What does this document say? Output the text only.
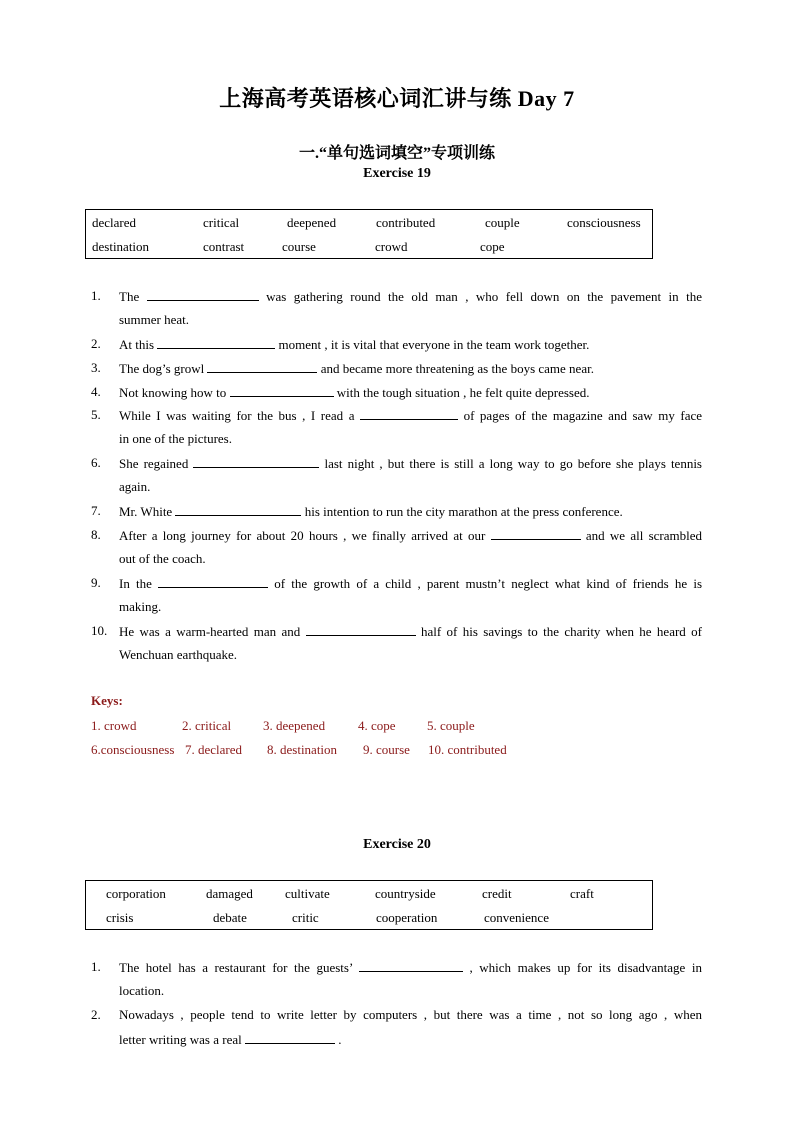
上海高考英语核心词汇讲与练 Day 7
一.“单句选词填空”专项训练
Exercise 19
declared	critical	deepened	contributed	couple	consciousness
destination	contrast	course	crowd	cope
1. The	was gathering round the old man , who fell down on the pavement in the
summer heat.
2. At this	moment , it is vital that everyone in the team work together.
3. The dog’s growl	and became more threatening as the boys came near.
4. Not knowing how to	with the tough situation , he felt quite depressed.
5. While I was waiting for the bus , I read a	of pages of the magazine and saw my face
in one of the pictures.
6. She regained	last night , but there is still a long way to go before she plays tennis
again.
7. Mr. White	his intention to run the city marathon at the press conference.
8. After a long journey for about 20 hours , we finally arrived at our	and we all scrambled
out of the coach.
9. In the	of the growth of a child , parent mustn’t neglect what kind of friends he is
making.
10. He was a warm-hearted man and	half of his savings to the charity when he heard of
Wenchuan earthquake.
Keys:
1. crowd	2. critical 3. deepened	4. cope 5. couple
6.consciousness 7. declared 8. destination 9. course 10. contributed
Exercise 20
corporation	damaged cultivate	countryside	credit	craft
crisis	debate	critic	cooperation	convenience
1. The hotel has a restaurant for the guests’	, which makes up for its disadvantage in
location.
2. Nowadays , people tend to write letter by computers , but there was a time , not so long ago , when
letter writing was a real	.
